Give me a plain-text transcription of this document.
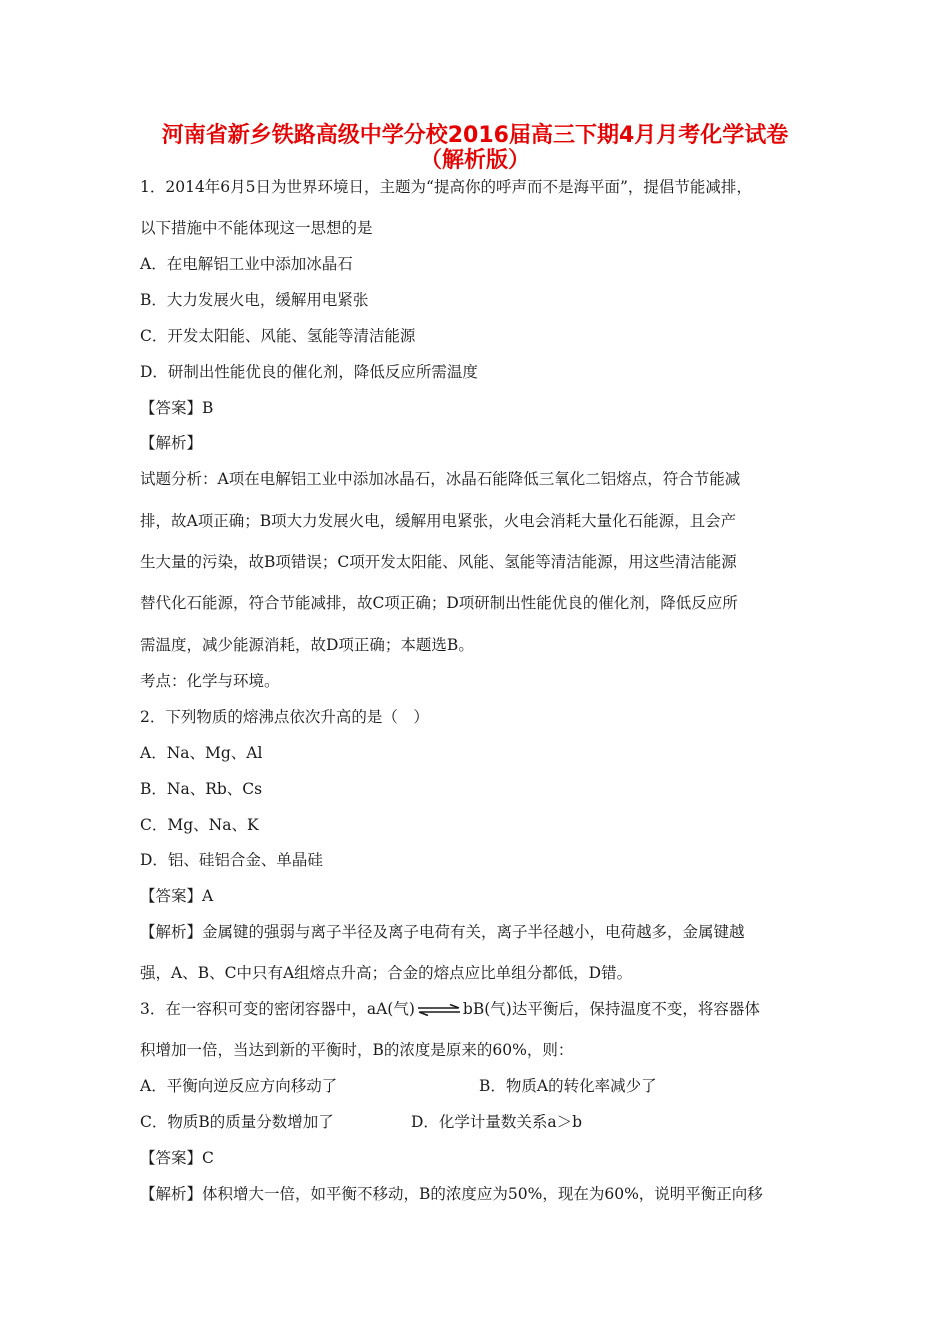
河南省新乡铁路高级中学分校2016届高三下期4月月考化学试卷
（解析版）
1．2014年6月5日为世界环境日，主题为“提高你的呼声而不是海平面”，提倡节能减排，
以下措施中不能体现这一思想的是
A．在电解铝工业中添加冰晶石
B．大力发展火电，缓解用电紧张
C．开发太阳能、风能、氢能等清洁能源
D．研制出性能优良的催化剂，降低反应所需温度
【答案】B
【解析】
试题分析：A项在电解铝工业中添加冰晶石，冰晶石能降低三氧化二铝熔点，符合节能减
排，故A项正确；B项大力发展火电，缓解用电紧张，火电会消耗大量化石能源，且会产
生大量的污染，故B项错误；C项开发太阳能、风能、氢能等清洁能源，用这些清洁能源
替代化石能源，符合节能减排，故C项正确；D项研制出性能优良的催化剂，降低反应所
需温度，减少能源消耗，故D项正确；本题选B。
考点：化学与环境。
2．下列物质的熔沸点依次升高的是（　）
A．Na、Mg、Al
B．Na、Rb、Cs
C．Mg、Na、K
D．铝、硅铝合金、单晶硅
【答案】A
【解析】金属键的强弱与离子半径及离子电荷有关，离子半径越小，电荷越多，金属键越
强，A、B、C中只有A组熔点升高；合金的熔点应比单组分都低，D错。
3．在一容积可变的密闭容器中，aA(气)⇌bB(气)达平衡后，保持温度不变，将容器体
积增加一倍，当达到新的平衡时，B的浓度是原来的60%，则：
A．平衡向逆反应方向移动了	B．物质A的转化率减少了
C．物质B的质量分数增加了	D．化学计量数关系a＞b
【答案】C
【解析】体积增大一倍，如平衡不移动，B的浓度应为50%，现在为60%，说明平衡正向移
